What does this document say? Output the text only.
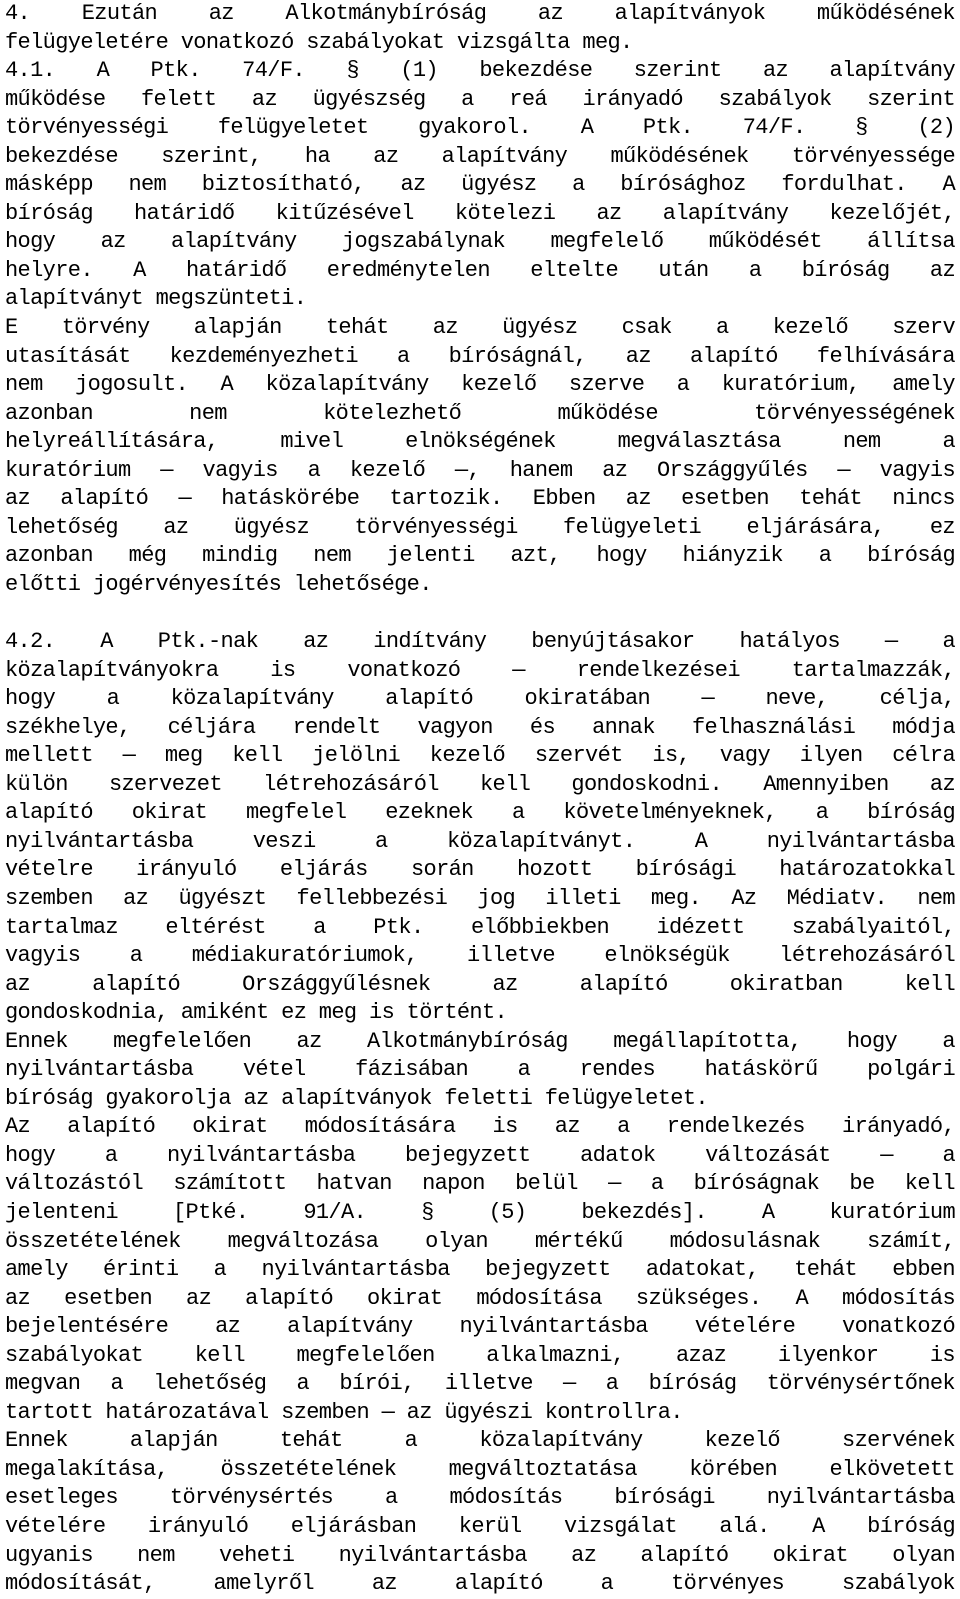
4. Ezután az Alkotmánybíróság az alapítványok működésének
felügyeletére vonatkozó szabályokat vizsgálta meg.
4.1. A Ptk. 74/F. § (1) bekezdése szerint az alapítvány
működése felett az ügyészség a reá irányadó szabályok szerint
törvényességi felügyeletet gyakorol. A Ptk. 74/F. § (2)
bekezdése szerint, ha az alapítvány működésének törvényessége
másképp nem biztosítható, az ügyész a bírósághoz fordulhat. A
bíróság határidő kitűzésével kötelezi az alapítvány kezelőjét,
hogy az alapítvány jogszabálynak megfelelő működését állítsa
helyre. A határidő eredménytelen eltelte után a bíróság az
alapítványt megszünteti.
E törvény alapján tehát az ügyész csak a kezelő szerv
utasítását kezdeményezheti a bíróságnál, az alapító felhívására
nem jogosult. A közalapítvány kezelő szerve a kuratórium, amely
azonban nem kötelezhető működése törvényességének
helyreállítására, mivel elnökségének megválasztása nem a
kuratórium — vagyis a kezelő —, hanem az Országgyűlés — vagyis
az alapító — hatáskörébe tartozik. Ebben az esetben tehát nincs
lehetőség az ügyész törvényességi felügyeleti eljárására, ez
azonban még mindig nem jelenti azt, hogy hiányzik a bíróság
előtti jogérvényesítés lehetősége.
4.2. A Ptk.-nak az indítvány benyújtásakor hatályos — a
közalapítványokra is vonatkozó — rendelkezései tartalmazzák,
hogy a közalapítvány alapító okiratában — neve, célja,
székhelye, céljára rendelt vagyon és annak felhasználási módja
mellett — meg kell jelölni kezelő szervét is, vagy ilyen célra
külön szervezet létrehozásáról kell gondoskodni. Amennyiben az
alapító okirat megfelel ezeknek a követelményeknek, a bíróság
nyilvántartásba veszi a közalapítványt. A nyilvántartásba
vételre irányuló eljárás során hozott bírósági határozatokkal
szemben az ügyészt fellebbezési jog illeti meg. Az Médiatv. nem
tartalmaz eltérést a Ptk. előbbiekben idézett szabályaitól,
vagyis a médiakuratóriumok, illetve elnökségük létrehozásáról
az alapító Országgyűlésnek az alapító okiratban kell
gondoskodnia, amiként ez meg is történt.
Ennek megfelelően az Alkotmánybíróság megállapította, hogy a
nyilvántartásba vétel fázisában a rendes hatáskörű polgári
bíróság gyakorolja az alapítványok feletti felügyeletet.
Az alapító okirat módosítására is az a rendelkezés irányadó,
hogy a nyilvántartásba bejegyzett adatok változását — a
változástól számított hatvan napon belül — a bíróságnak be kell
jelenteni [Ptké. 91/A. § (5) bekezdés]. A kuratórium
összetételének megváltozása olyan mértékű módosulásnak számít,
amely érinti a nyilvántartásba bejegyzett adatokat, tehát ebben
az esetben az alapító okirat módosítása szükséges. A módosítás
bejelentésére az alapítvány nyilvántartásba vételére vonatkozó
szabályokat kell megfelelően alkalmazni, azaz ilyenkor is
megvan a lehetőség a bírói, illetve — a bíróság törvénysértőnek
tartott határozatával szemben — az ügyészi kontrollra.
Ennek alapján tehát a közalapítvány kezelő szervének
megalakítása, összetételének megváltoztatása körében elkövetett
esetleges törvénysértés a módosítás bírósági nyilvántartásba
vételére irányuló eljárásban kerül vizsgálat alá. A bíróság
ugyanis nem veheti nyilvántartásba az alapító okirat olyan
módosítását, amelyről az alapító a törvényes szabályok
